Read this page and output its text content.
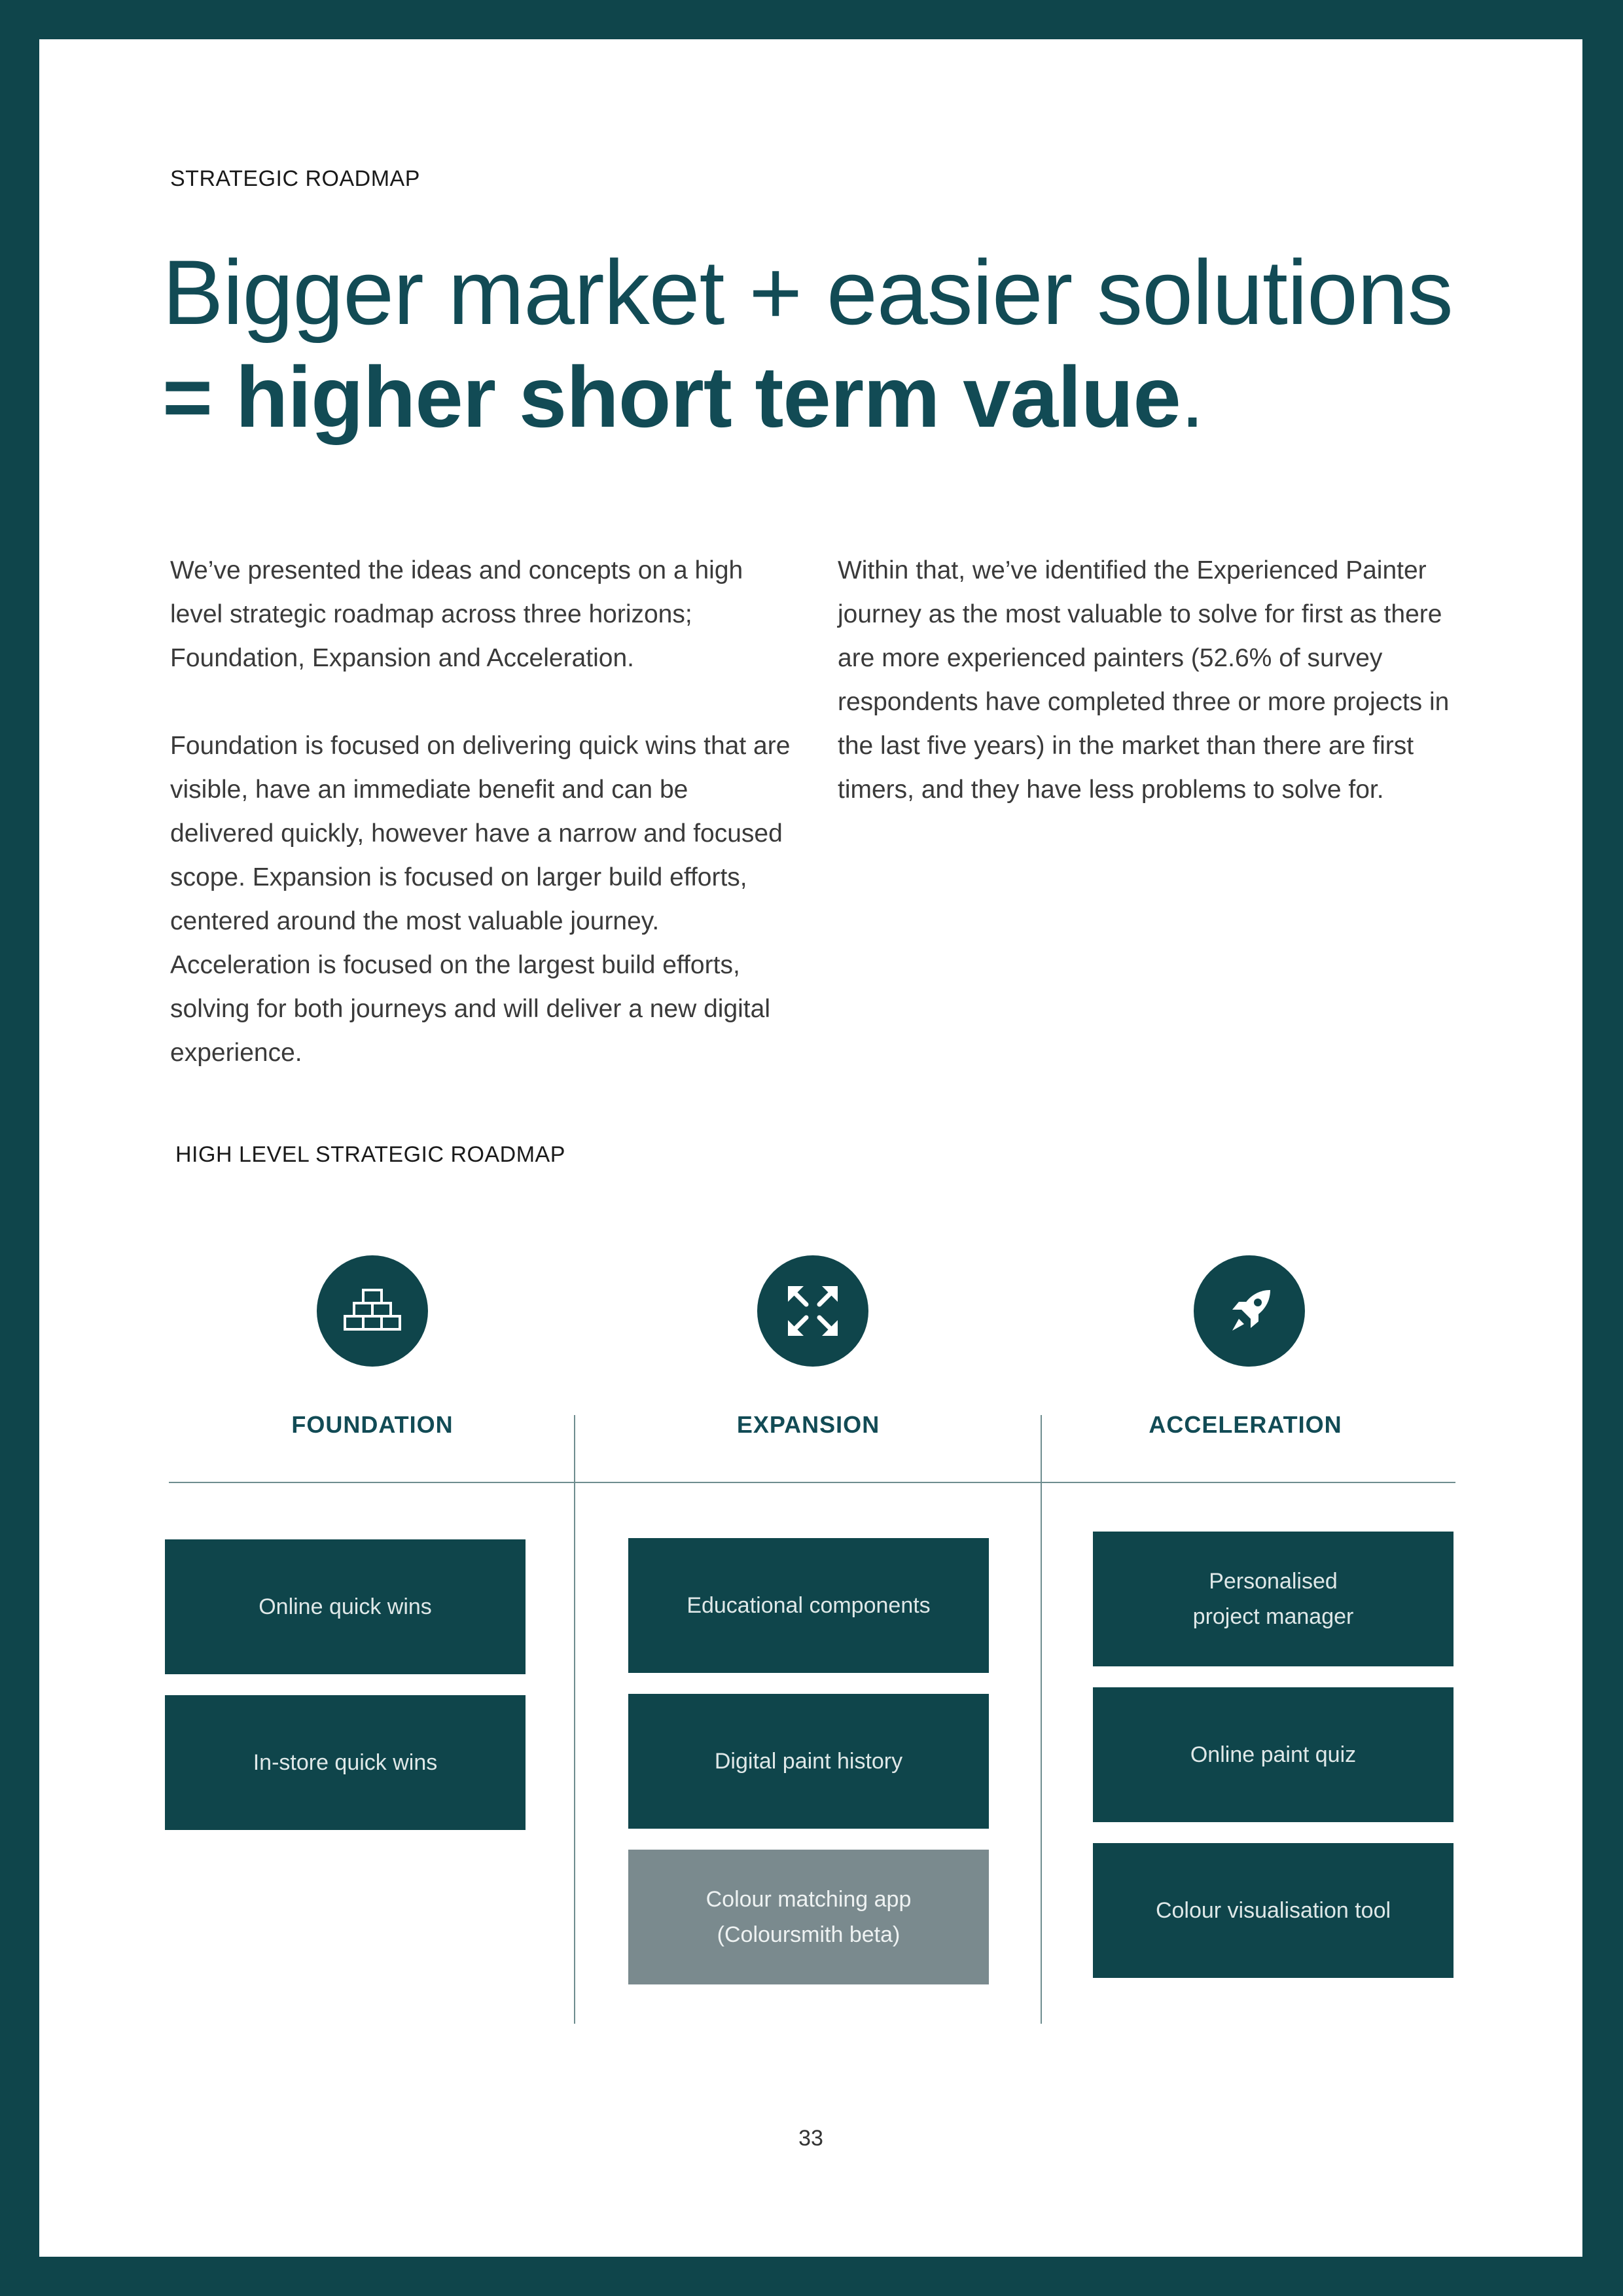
STRATEGIC ROADMAP
Bigger market + easier solutions
= higher short term value.

We’ve presented the ideas and concepts on a high level strategic roadmap across three horizons; Foundation, Expansion and Acceleration.

Foundation is focused on delivering quick wins that are visible, have an immediate benefit and can be delivered quickly, however have a narrow and focused scope. Expansion is focused on larger build efforts, centered around the most valuable journey. Acceleration is focused on the largest build efforts, solving for both journeys and will deliver a new digital experience.

Within that, we’ve identified the Experienced Painter journey as the most valuable to solve for first as there are more experienced painters (52.6% of survey respondents have completed three or more projects in the last five years) in the market than there are first timers, and they have less problems to solve for.

HIGH LEVEL STRATEGIC ROADMAP
FOUNDATION	EXPANSION	ACCELERATION
Online quick wins
In-store quick wins
Educational components
Digital paint history
Colour matching app
(Coloursmith beta)
Personalised
project manager
Online paint quiz
Colour visualisation tool
33
